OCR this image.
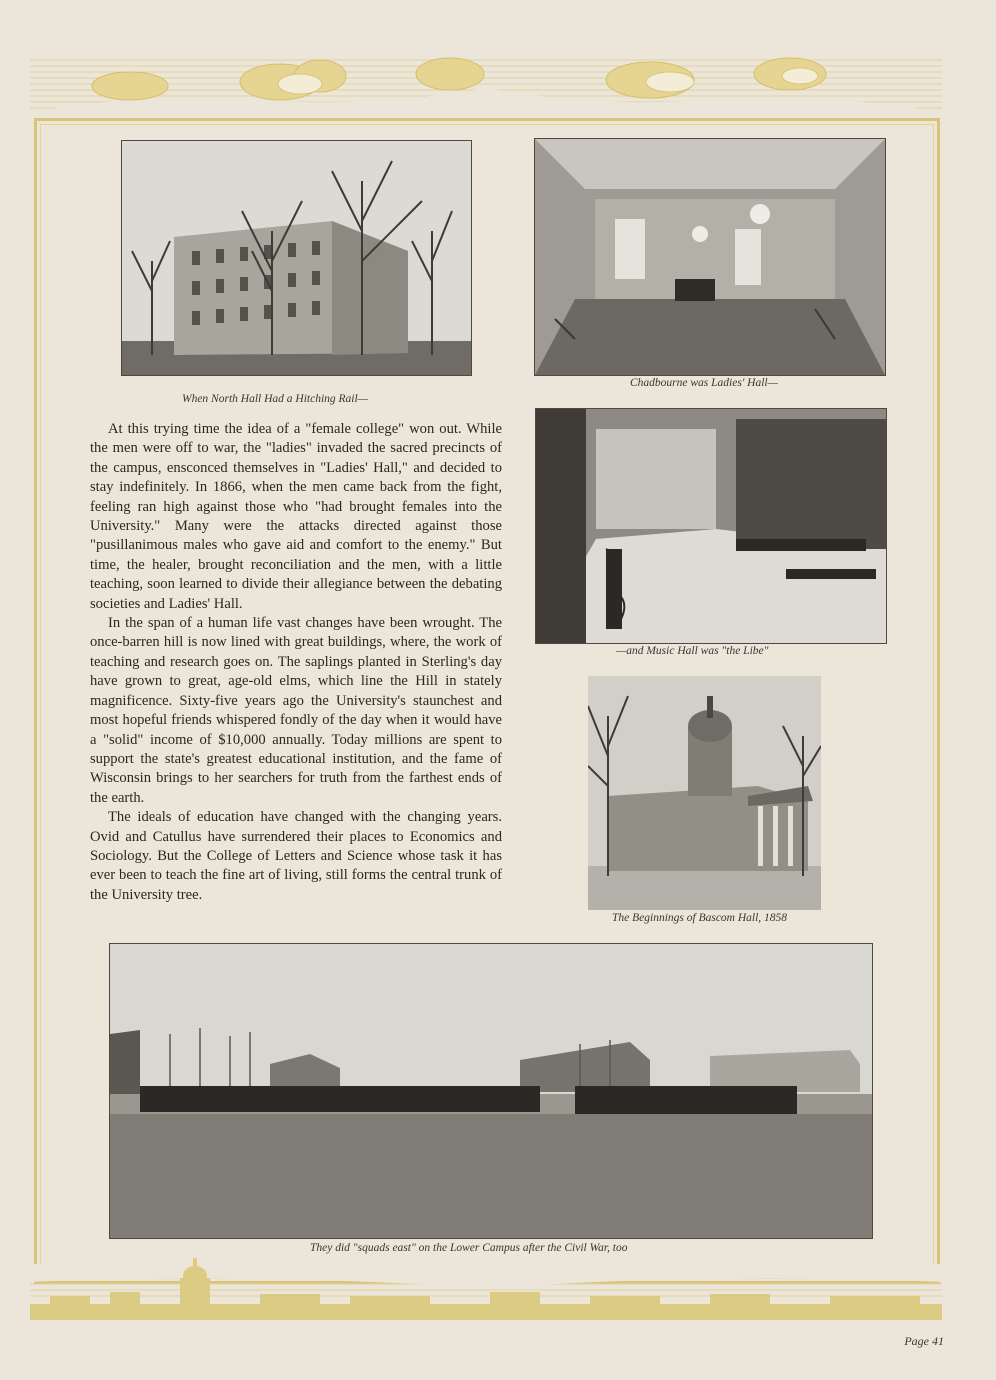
When North Hall Had a Hitching Rail—
Chadbourne was Ladies' Hall—
—and Music Hall was "the Libe"
The Beginnings of Bascom Hall, 1858

At this trying time the idea of a "female college" won out. While the men were off to war, the "ladies" invaded the sacred precincts of the campus, ensconced themselves in "Ladies' Hall," and decided to stay indefinitely. In 1866, when the men came back from the fight, feeling ran high against those who "had brought females into the University." Many were the attacks directed against those "pusillanimous males who gave aid and comfort to the enemy." But time, the healer, brought reconciliation and the men, with a little teaching, soon learned to divide their allegiance between the debating societies and Ladies' Hall.

In the span of a human life vast changes have been wrought. The once-barren hill is now lined with great buildings, where, the work of teaching and research goes on. The saplings planted in Sterling's day have grown to great, age-old elms, which line the Hill in stately magnificence. Sixty-five years ago the University's staunchest and most hopeful friends whispered fondly of the day when it would have a "solid" income of $10,000 annually. Today millions are spent to support the state's greatest educational institution, and the fame of Wisconsin brings to her searchers for truth from the farthest ends of the earth.

The ideals of education have changed with the changing years. Ovid and Catullus have surrendered their places to Economics and Sociology. But the College of Letters and Science whose task it has ever been to teach the fine art of living, still forms the central trunk of the University tree.

They did "squads east" on the Lower Campus after the Civil War, too
Page 41
